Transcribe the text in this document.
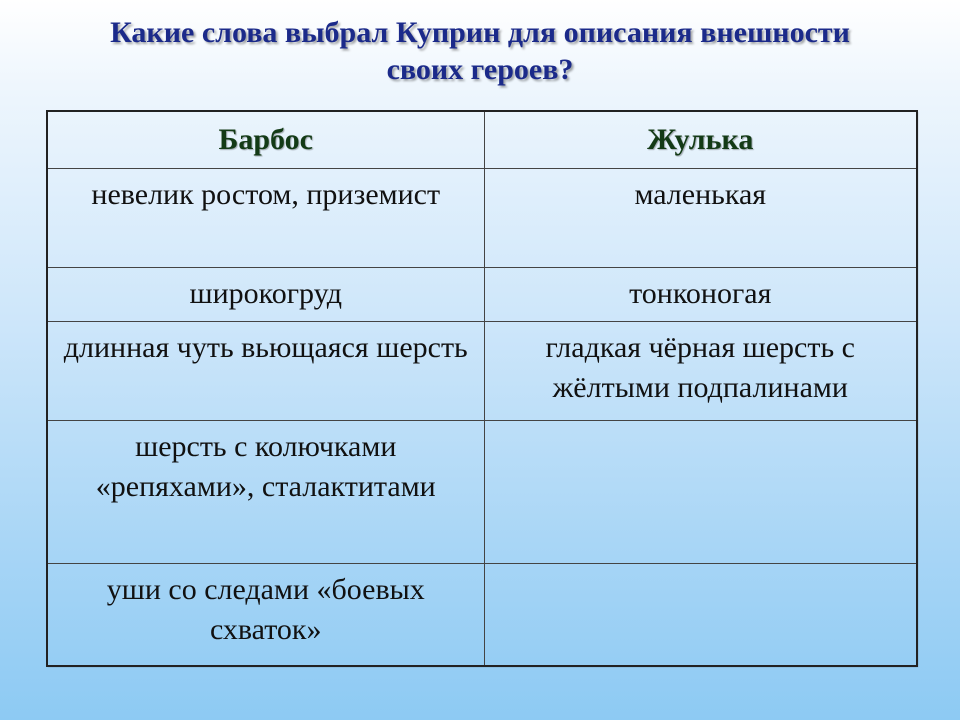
Какие слова выбрал Куприн для описания внешности
своих героев?
Барбос	Жулька
невелик ростом, приземист	маленькая
широкогруд	тонконогая
длинная чуть вьющаяся шерсть	гладкая чёрная шерсть с жёлтыми подпалинами
шерсть с колючками «репяхами», сталактитами	
уши со следами «боевых схваток»	
